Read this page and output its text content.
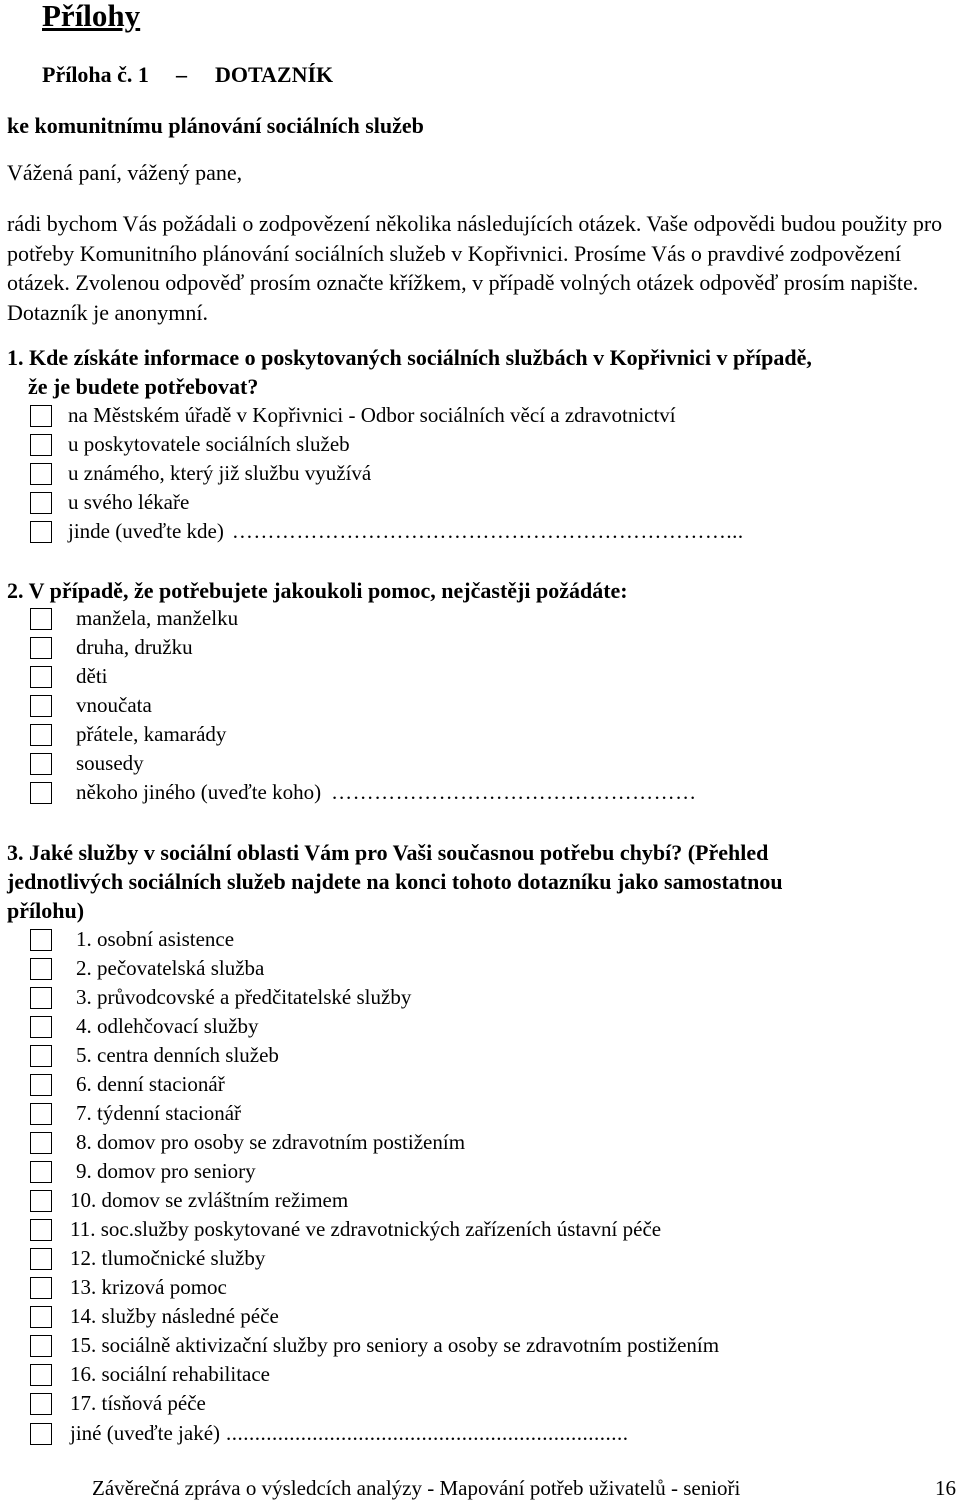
Přílohy
Příloha č. 1 – DOTAZNÍK
ke komunitnímu plánování sociálních služeb
Vážená paní, vážený pane,
rádi bychom Vás požádali o zodpovězení několika následujících otázek. Vaše odpovědi budou použity pro potřeby Komunitního plánování sociálních služeb v Kopřivnici. Prosíme Vás o pravdivé zodpovězení otázek. Zvolenou odpověď prosím označte křížkem, v případě volných otázek odpověď prosím napište. Dotazník je anonymní.
1. Kde získáte informace o poskytovaných sociálních službách v Kopřivnici v případě,
že je budete potřebovat?
na Městském úřadě v Kopřivnici - Odbor sociálních věcí a zdravotnictví
u poskytovatele sociálních služeb
u známého, který již službu využívá
u svého lékaře
jinde (uveďte kde) ……………………………………………………………...
2. V případě, že potřebujete jakoukoli pomoc, nejčastěji požádáte:
manžela, manželku
druha, družku
děti
vnoučata
přátele, kamarády
sousedy
někoho jiného (uveďte koho) ……………………………………………
3. Jaké služby v sociální oblasti Vám pro Vaši současnou potřebu chybí? (Přehled
jednotlivých sociálních služeb najdete na konci tohoto dotazníku jako samostatnou
přílohu)
1. osobní asistence
2. pečovatelská služba
3. průvodcovské a předčitatelské služby
4. odlehčovací služby
5. centra denních služeb
6. denní stacionář
7. týdenní stacionář
8. domov pro osoby se zdravotním postižením
9. domov pro seniory
10. domov se zvláštním režimem
11. soc.služby poskytované ve zdravotnických zařízeních ústavní péče
12. tlumočnické služby
13. krizová pomoc
14. služby následné péče
15. sociálně aktivizační služby pro seniory a osoby se zdravotním postižením
16. sociální rehabilitace
17. tísňová péče
jiné (uveďte jaké) ......................................................................
Závěrečná zpráva o výsledcích analýzy - Mapování potřeb uživatelů - senioři	16
